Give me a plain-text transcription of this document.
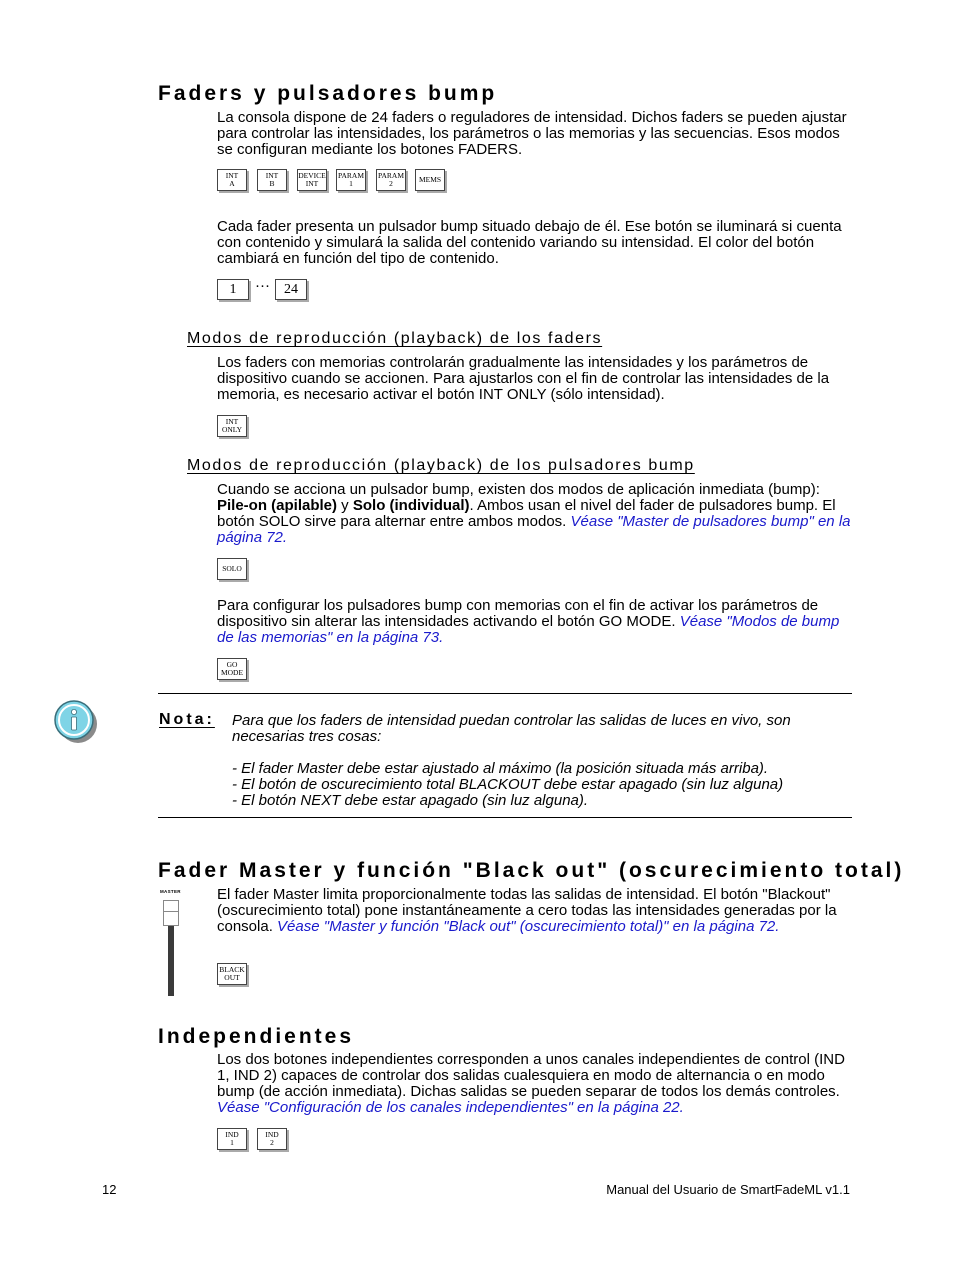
Faders y pulsadores bump
La consola dispone de 24 faders o reguladores de intensidad. Dichos faders se pueden ajustar para controlar las intensidades, los parámetros o las memorias y las secuencias. Esos modos se configuran mediante los botones FADERS.
INT
A
INT
B
DEVICE
INT
PARAM
1
PARAM
2	MEMS
Cada fader presenta un pulsador bump situado debajo de él. Ese botón se iluminará si cuenta con contenido y simulará la salida del contenido variando su intensidad. El color del botón cambiará en función del tipo de contenido.
1	···	24
Modos de reproducción (playback) de los faders
Los faders con memorias controlarán gradualmente las intensidades y los parámetros de dispositivo cuando se accionen. Para ajustarlos con el fin de controlar las intensidades de la memoria, es necesario activar el botón INT ONLY (sólo intensidad).
INT
ONLY
Modos de reproducción (playback) de los pulsadores bump
Cuando se acciona un pulsador bump, existen dos modos de aplicación inmediata (bump): Pile-on (apilable) y Solo (individual). Ambos usan el nivel del fader de pulsadores bump. El botón SOLO sirve para alternar entre ambos modos. Véase "Master de pulsadores bump" en la página 72.
SOLO
Para configurar los pulsadores bump con memorias con el fin de activar los parámetros de dispositivo sin alterar las intensidades activando el botón GO MODE. Véase "Modos de bump de las memorias" en la página 73.
GO
MODE
Nota: Para que los faders de intensidad puedan controlar las salidas de luces en vivo, son necesarias tres cosas:
- El fader Master debe estar ajustado al máximo (la posición situada más arriba).
- El botón de oscurecimiento total BLACKOUT debe estar apagado (sin luz alguna)
- El botón NEXT debe estar apagado (sin luz alguna).
Fader Master y función "Black out" (oscurecimiento total)
MASTER El fader Master limita proporcionalmente todas las salidas de intensidad. El botón "Blackout" (oscurecimiento total) pone instantáneamente a cero todas las intensidades generadas por la consola. Véase "Master y función "Black out" (oscurecimiento total)" en la página 72.
BLACK
OUT
Independientes
Los dos botones independientes corresponden a unos canales independientes de control (IND 1, IND 2) capaces de controlar dos salidas cualesquiera en modo de alternancia o en modo bump (de acción inmediata). Dichas salidas se pueden separar de todos los demás controles. Véase "Configuración de los canales independientes" en la página 22.
IND
1
IND
2
12	Manual del Usuario de SmartFadeML v1.1
